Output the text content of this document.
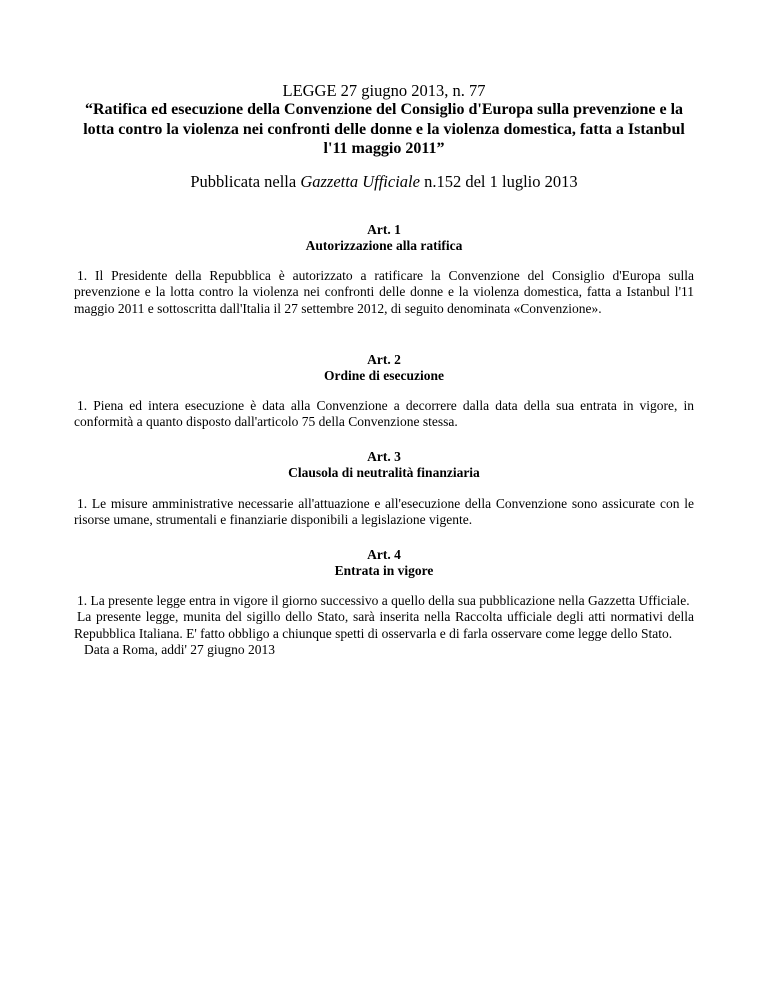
LEGGE 27 giugno 2013, n. 77
“Ratifica ed esecuzione della Convenzione del Consiglio d'Europa sulla prevenzione e la lotta contro la violenza nei confronti delle donne e la violenza domestica, fatta a Istanbul l'11 maggio 2011”
Pubblicata nella Gazzetta Ufficiale n.152 del 1 luglio 2013
Art. 1
Autorizzazione alla ratifica

1. Il Presidente della Repubblica è autorizzato a ratificare la Convenzione del Consiglio d'Europa sulla prevenzione e la lotta contro la violenza nei confronti delle donne e la violenza domestica, fatta a Istanbul l'11 maggio 2011 e sottoscritta dall'Italia il 27 settembre 2012, di seguito denominata «Convenzione».

Art. 2
Ordine di esecuzione

1. Piena ed intera esecuzione è data alla Convenzione a decorrere dalla data della sua entrata in vigore, in conformità a quanto disposto dall'articolo 75 della Convenzione stessa.

Art. 3
Clausola di neutralità finanziaria

1. Le misure amministrative necessarie all'attuazione e all'esecuzione della Convenzione sono assicurate con le risorse umane, strumentali e finanziarie disponibili a legislazione vigente.

Art. 4
Entrata in vigore

1. La presente legge entra in vigore il giorno successivo a quello della sua pubblicazione nella Gazzetta Ufficiale.

La presente legge, munita del sigillo dello Stato, sarà inserita nella Raccolta ufficiale degli atti normativi della Repubblica Italiana. E' fatto obbligo a chiunque spetti di osservarla e di farla osservare come legge dello Stato.

Data a Roma, addi' 27 giugno 2013
